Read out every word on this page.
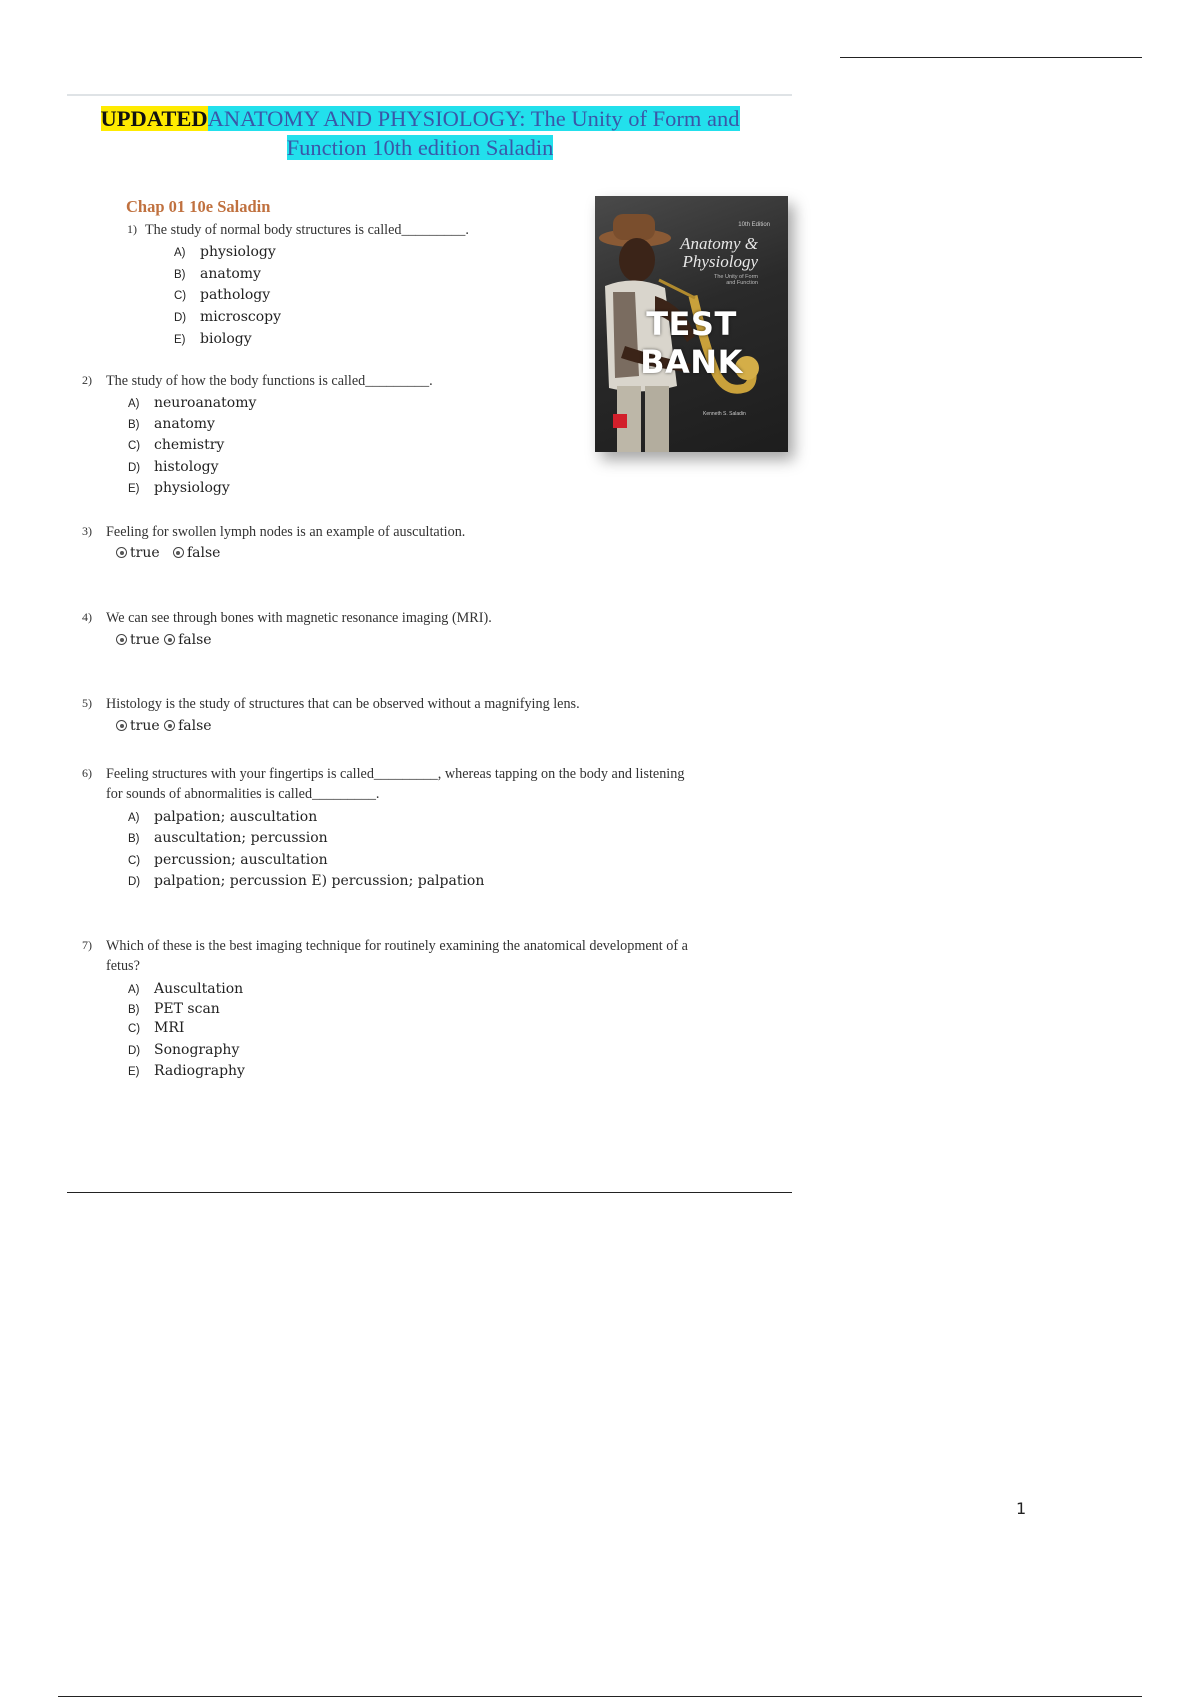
UPDATEDANATOMY AND PHYSIOLOGY: The Unity of Form and
Function 10th edition Saladin
Chap 01 10e Saladin
10th Edition
Anatomy &
Physiology
The Unity of Form and Function
TEST BANK
Kenneth S. Saladin
1) The study of normal body structures is called_________.
A) physiology
B) anatomy
C) pathology
D) microscopy
E) biology
2) The study of how the body functions is called_________.
A) neuroanatomy
B) anatomy
C) chemistry
D) histology
E) physiology
3) Feeling for swollen lymph nodes is an example of auscultation.
true false
4) We can see through bones with magnetic resonance imaging (MRI).
true false
5) Histology is the study of structures that can be observed without a magnifying lens.
true false
6) Feeling structures with your fingertips is called_________, whereas tapping on the body and listening
for sounds of abnormalities is called_________.
A) palpation; auscultation
B) auscultation; percussion
C) percussion; auscultation
D) palpation; percussion E) percussion; palpation
7) Which of these is the best imaging technique for routinely examining the anatomical development of a
fetus?
A) Auscultation
B) PET scan
C) MRI
D) Sonography
E) Radiography
1
